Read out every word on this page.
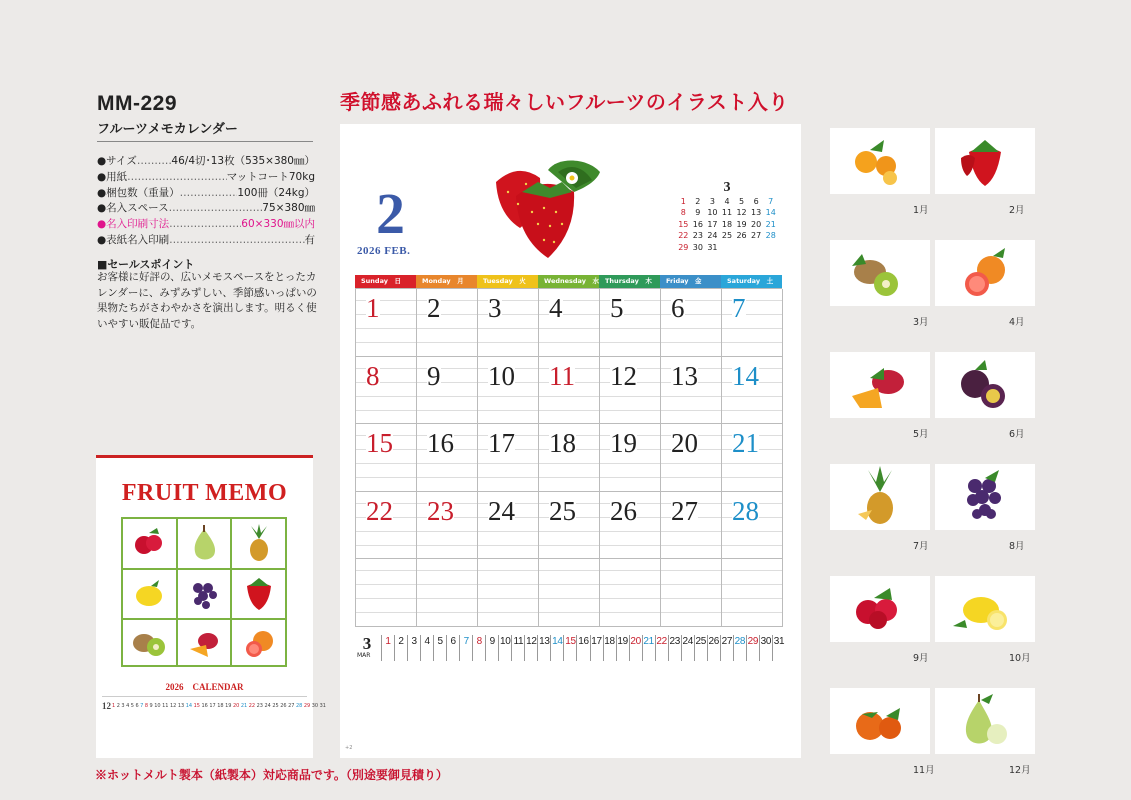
MM-229
フルーツメモカレンダー
●サイズ ……………………………………………………………………………………	46/4切･13枚（535×380㎜）
●用紙 ……………………………………………………………………………………	マットコート70kg
●梱包数（重量） ……………………………………………………………………………………	100冊（24kg）
●名入スペース ……………………………………………………………………………………	75×380㎜
●名入印刷寸法 ……………………………………………………………………………………	60×330㎜以内
●表紙名入印刷 ……………………………………………………………………………………	有
■セールスポイント
お客様に好評の、広いメモスペースをとったカレンダーに、みずみずしい、季節感いっぱいの果物たちがさわやかさを演出します。明るく使いやすい販促品です。
FRUIT MEMO
2026　CALENDAR
12 1 2 3 4 5 6 7 8 9 10 11 12 13 14 15 16 17 18 19 20 21 22 23 24 25 26 27 28 29 30 31
※ホットメルト製本（紙製本）対応商品です。（別途要御見積り）
季節感あふれる瑞々しいフルーツのイラスト入り
2
2026 FEB.
3
1	2	3	4	5	6	7
8	9 10 11 12 13 14
15 16 17 18 19 20 21
22 23 24 25 26 27 28
29 30 31
Sunday　日	Monday　月	Tuesday　火	Wednesday　水 Thursday　木	Friday　金	Saturday　土
1 2 3 4 5 6 7
8 9 10 11 12 13 14
15 16 17 18 19 20 21
22 23 24 25 26 27 28
3
MAR
1 2 3 4 5 6 7 8 9 10 11 12 13 14 15 16 17 18 19 20 21 22 23 24 25 26 27 28 29 30 31
+2
1月	2月
3月	4月
5月	6月
7月	8月
9月	10月
11月	12月
